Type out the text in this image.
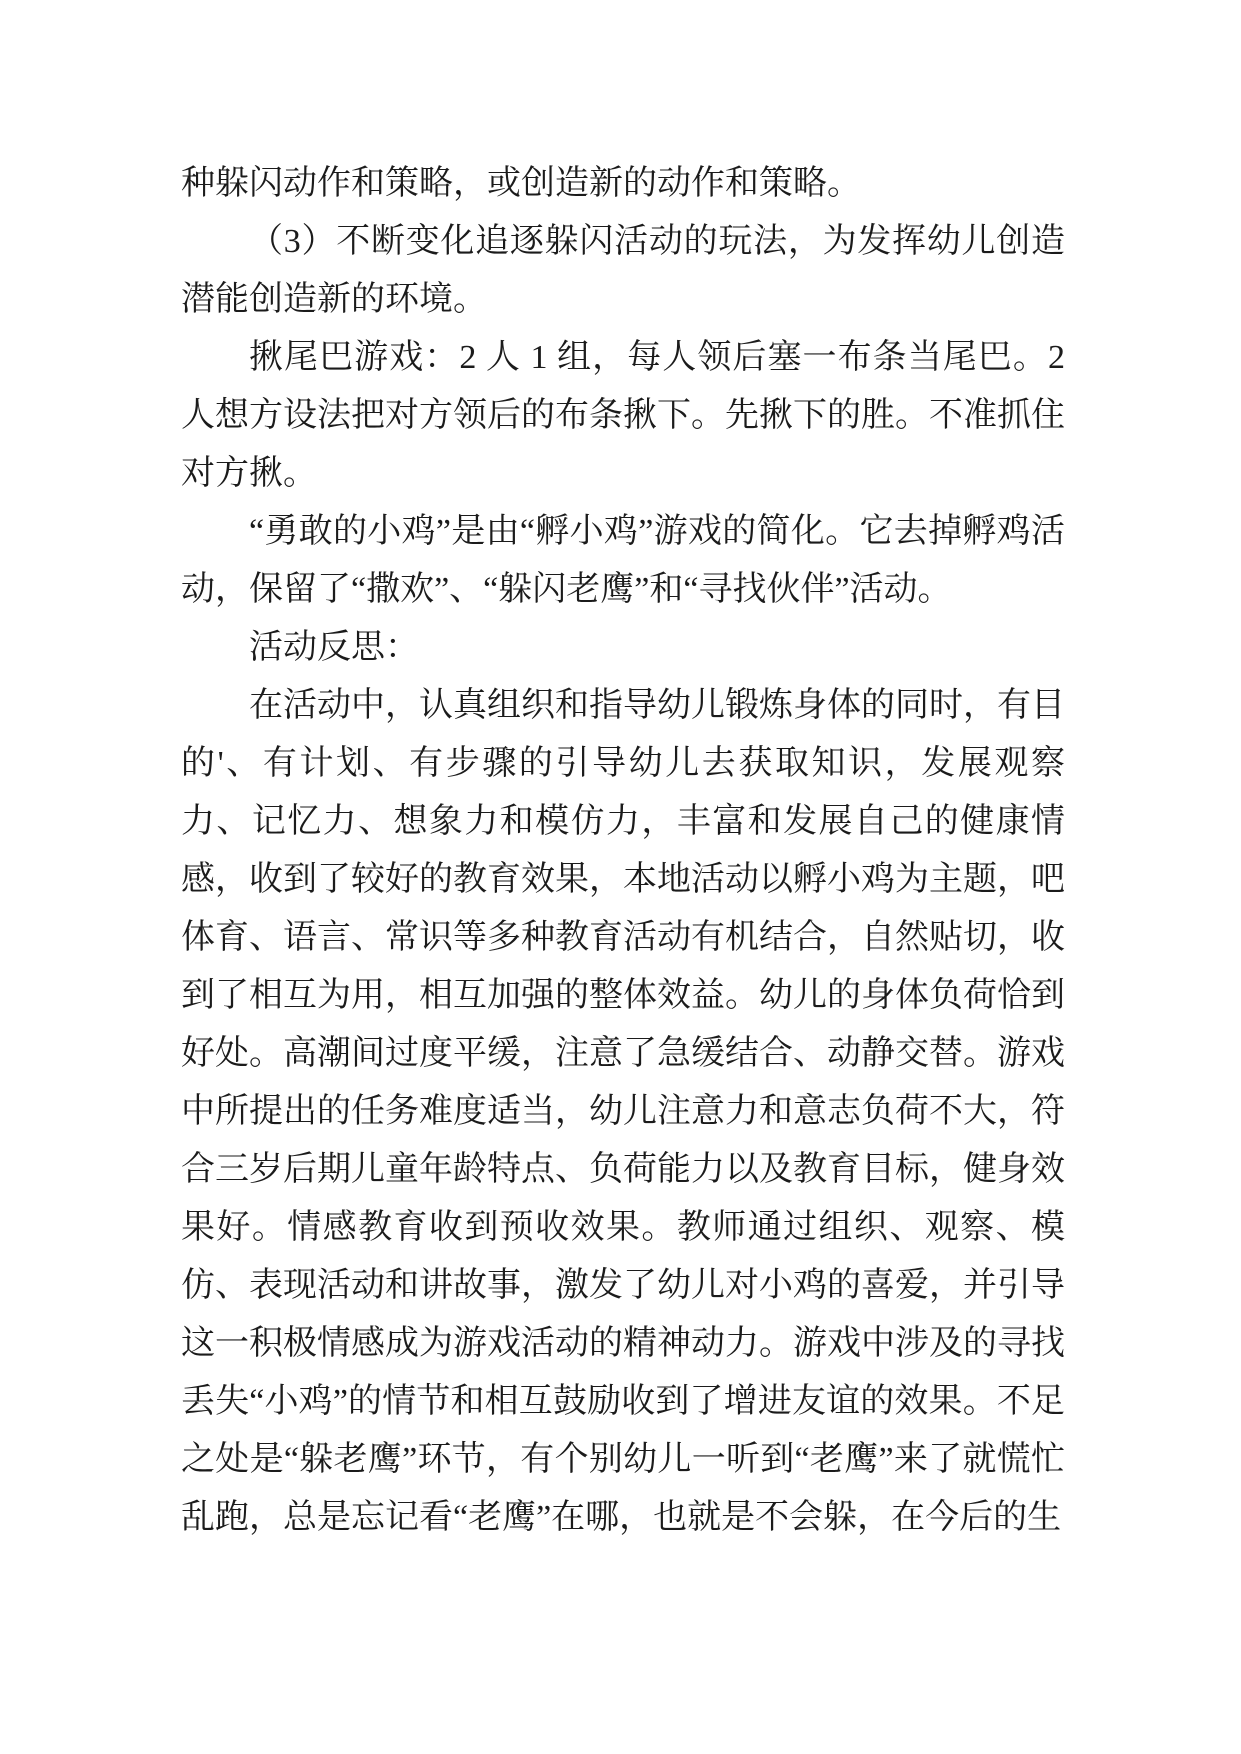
种躲闪动作和策略，或创造新的动作和策略。

（3）不断变化追逐躲闪活动的玩法，为发挥幼儿创造潜能创造新的环境。

揪尾巴游戏：2 人 1 组，每人领后塞一布条当尾巴。2 人想方设法把对方领后的布条揪下。先揪下的胜。不准抓住对方揪。

“勇敢的小鸡”是由“孵小鸡”游戏的简化。它去掉孵鸡活动，保留了“撒欢”、“躲闪老鹰”和“寻找伙伴”活动。

活动反思：

在活动中，认真组织和指导幼儿锻炼身体的同时，有目的'、有计划、有步骤的引导幼儿去获取知识，发展观察力、记忆力、想象力和模仿力，丰富和发展自己的健康情感，收到了较好的教育效果，本地活动以孵小鸡为主题，吧体育、语言、常识等多种教育活动有机结合，自然贴切，收到了相互为用，相互加强的整体效益。幼儿的身体负荷恰到好处。高潮间过度平缓，注意了急缓结合、动静交替。游戏中所提出的任务难度适当，幼儿注意力和意志负荷不大，符合三岁后期儿童年龄特点、负荷能力以及教育目标，健身效果好。情感教育收到预收效果。教师通过组织、观察、模仿、表现活动和讲故事，激发了幼儿对小鸡的喜爱，并引导这一积极情感成为游戏活动的精神动力。游戏中涉及的寻找丢失“小鸡”的情节和相互鼓励收到了增进友谊的效果。不足之处是“躲老鹰”环节，有个别幼儿一听到“老鹰”来了就慌忙乱跑，总是忘记看“老鹰”在哪，也就是不会躲，在今后的生
